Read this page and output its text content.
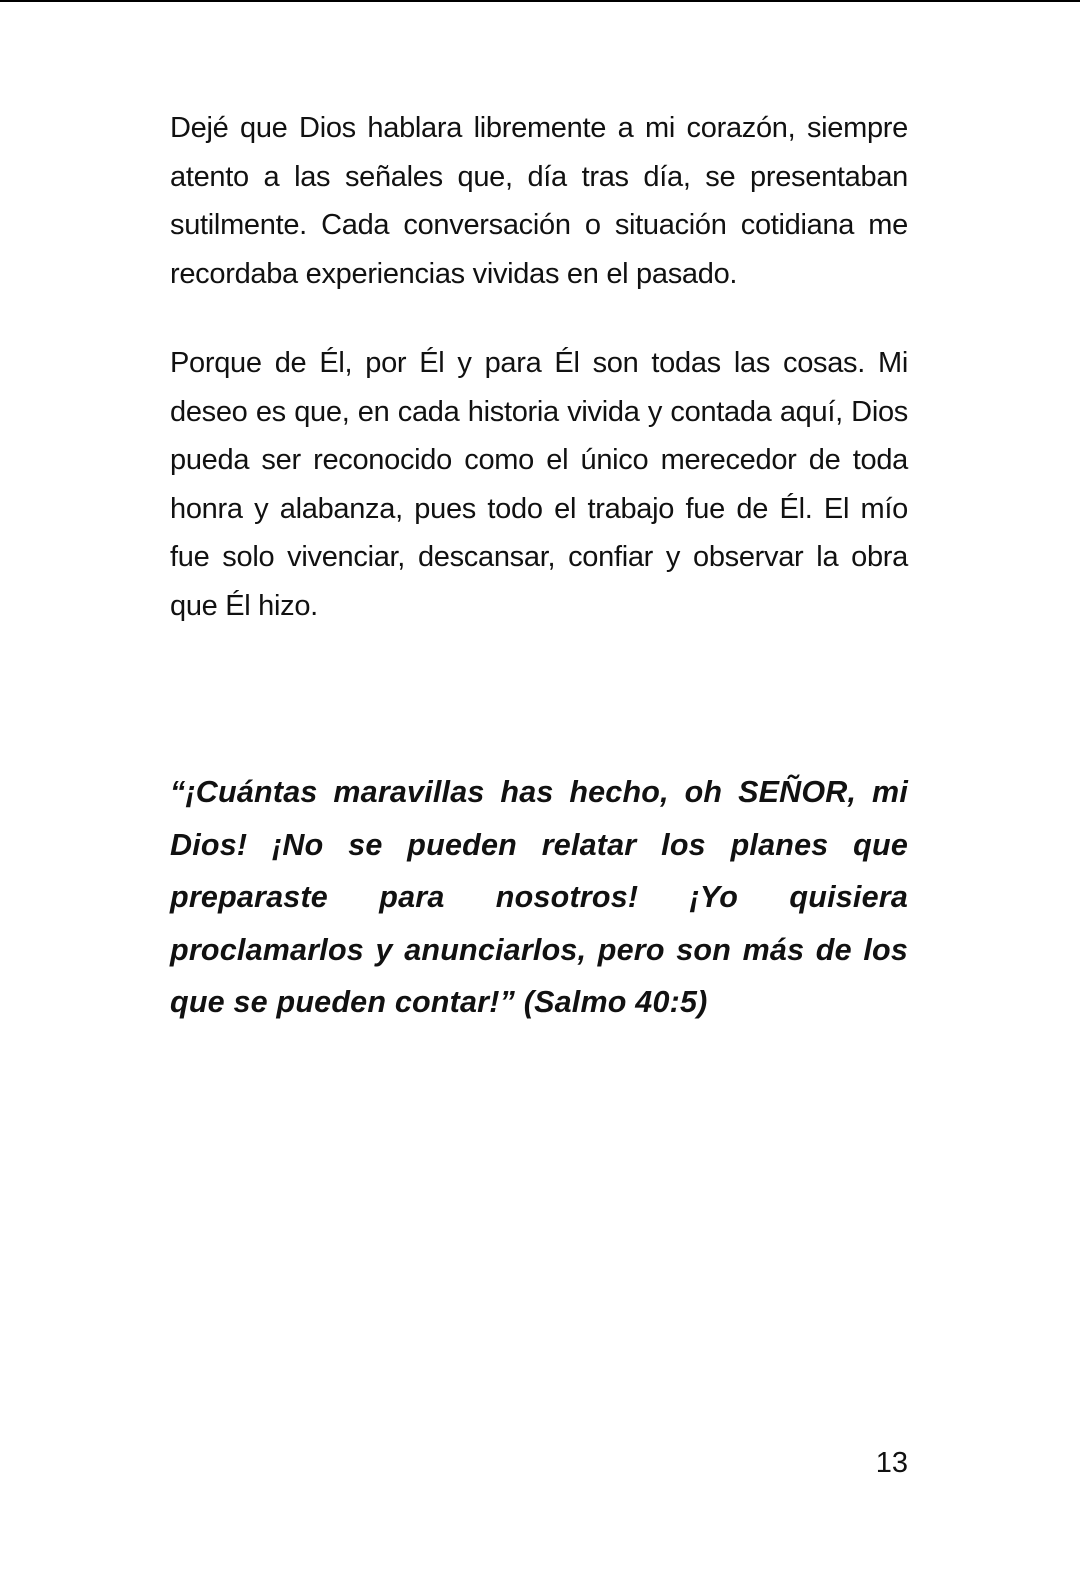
Dejé que Dios hablara libremente a mi corazón, siempre atento a las señales que, día tras día, se presentaban sutilmente. Cada conversación o situación cotidiana me recordaba experiencias vividas en el pasado.

Porque de Él, por Él y para Él son todas las cosas. Mi deseo es que, en cada historia vivida y contada aquí, Dios pueda ser reconocido como el único merecedor de toda honra y alabanza, pues todo el trabajo fue de Él. El mío fue solo vivenciar, descansar, confiar y observar la obra que Él hizo.

“¡Cuántas maravillas has hecho, oh SEÑOR, mi Dios! ¡No se pueden relatar los planes que preparaste para nosotros! ¡Yo quisiera proclamarlos y anunciarlos, pero son más de los que se pueden contar!” (Salmo 40:5)

13
